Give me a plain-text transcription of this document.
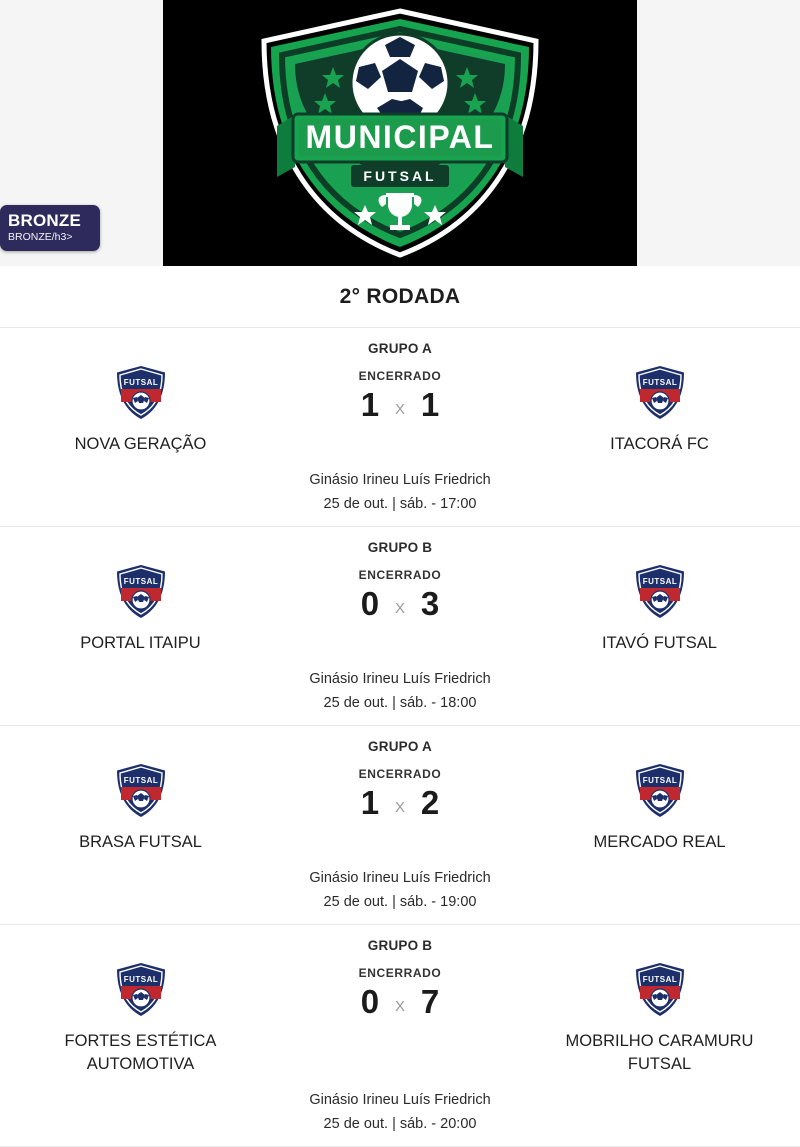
MUNICIPAL
FUTSAL
BRONZE
BRONZE/h3>
2° RODADA
GRUPO A
FUTSAL
NOVA GERAÇÃO
ENCERRADO
1 X 1
FUTSAL
ITACORÁ FC
Ginásio Irineu Luís Friedrich
25 de out. | sáb. - 17:00
GRUPO B
FUTSAL
PORTAL ITAIPU
ENCERRADO
0 X 3
FUTSAL
ITAVÓ FUTSAL
Ginásio Irineu Luís Friedrich
25 de out. | sáb. - 18:00
GRUPO A
FUTSAL
BRASA FUTSAL
ENCERRADO
1 X 2
FUTSAL
MERCADO REAL
Ginásio Irineu Luís Friedrich
25 de out. | sáb. - 19:00
GRUPO B
FUTSAL
FORTES ESTÉTICA AUTOMOTIVA
ENCERRADO
0 X 7
FUTSAL
MOBRILHO CARAMURU FUTSAL
Ginásio Irineu Luís Friedrich
25 de out. | sáb. - 20:00
